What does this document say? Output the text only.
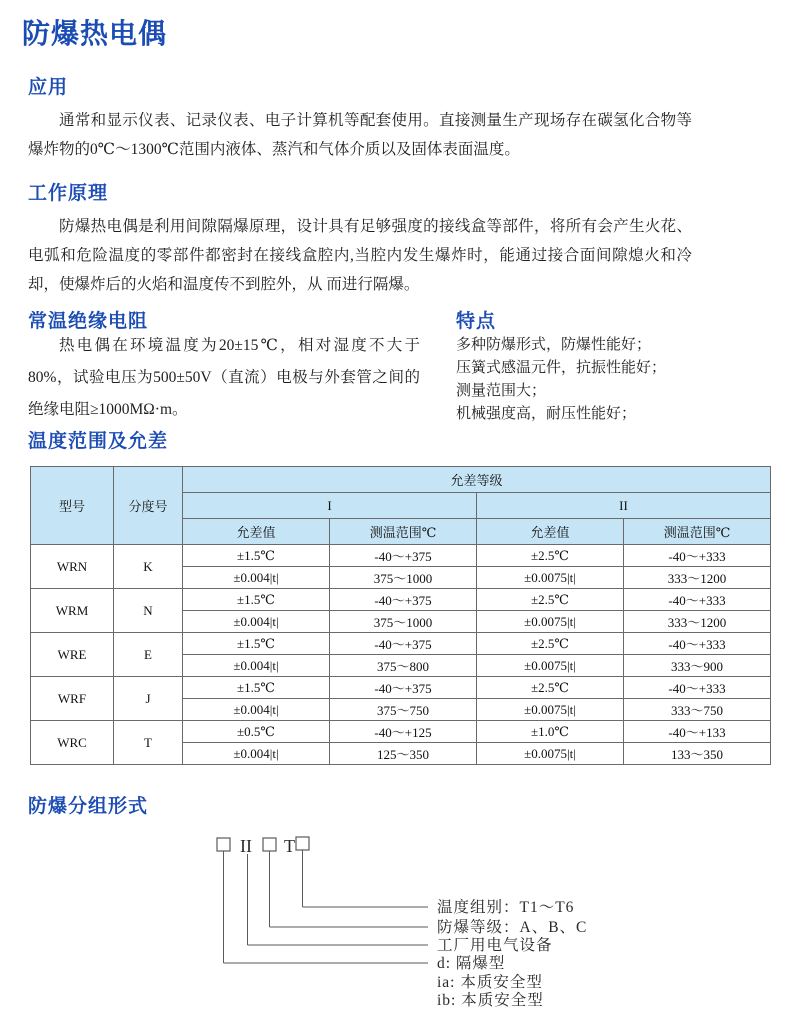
防爆热电偶
应用

通常和显示仪表、记录仪表、电子计算机等配套使用。直接测量生产现场存在碳氢化合物等爆炸物的0℃～1300℃范围内液体、蒸汽和气体介质以及固体表面温度。

工作原理

防爆热电偶是利用间隙隔爆原理，设计具有足够强度的接线盒等部件，将所有会产生火花、电弧和危险温度的零部件都密封在接线盒腔内,当腔内发生爆炸时，能通过接合面间隙熄火和冷却，使爆炸后的火焰和温度传不到腔外，从 而进行隔爆。

常温绝缘电阻

热电偶在环境温度为20±15℃，相对湿度不大于80%，试验电压为500±50V（直流）电极与外套管之间的绝缘电阻≥1000MΩ·m。

特点
多种防爆形式，防爆性能好；
压簧式感温元件，抗振性能好；
测量范围大；
机械强度高，耐压性能好；
温度范围及允差
型号	分度号	允差等级			
		I		II	
		允差值	测温范围℃	允差值	测温范围℃
WRN	K	±1.5℃	-40～+375	±2.5℃	-40～+333
		±0.004|t|	375～1000	±0.0075|t|	333～1200
WRM	N	±1.5℃	-40～+375	±2.5℃	-40～+333
		±0.004|t|	375～1000	±0.0075|t|	333～1200
WRE	E	±1.5℃	-40～+375	±2.5℃	-40～+333
		±0.004|t|	375～800	±0.0075|t|	333～900
WRF	J	±1.5℃	-40～+375	±2.5℃	-40～+333
		±0.004|t|	375～750	±0.0075|t|	333～750
WRC	T	±0.5℃	-40～+125	±1.0℃	-40～+133
		±0.004|t|	125～350	±0.0075|t|	133～350
防爆分组形式
II T
温度组别：T1～T6
防爆等级：A、B、C
工厂用电气设备
d: 隔爆型
ia: 本质安全型
ib: 本质安全型
